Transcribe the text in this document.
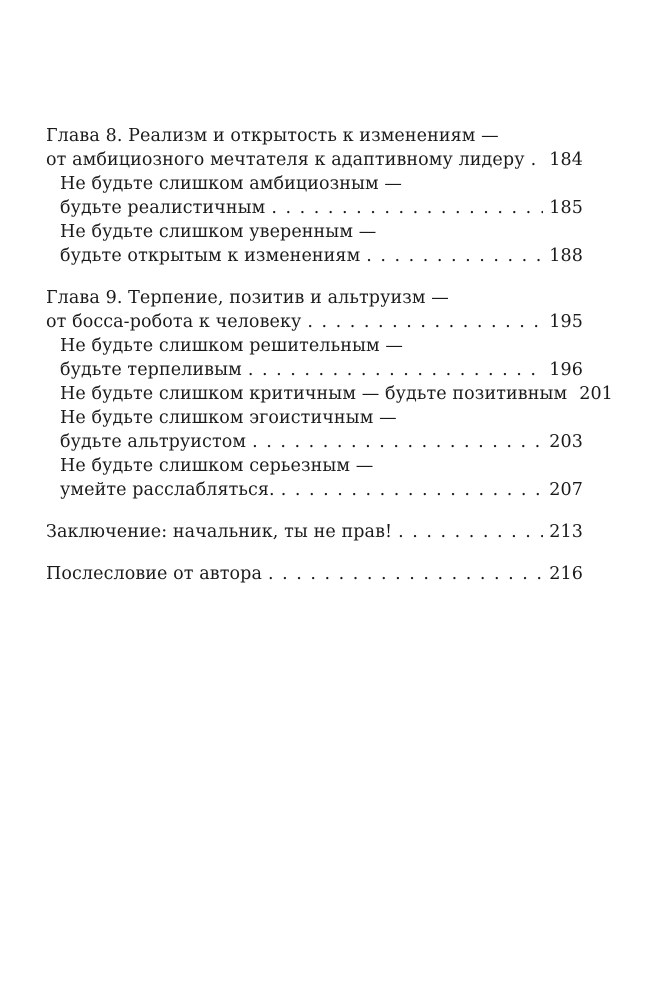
Глава 8. Реализм и открытость к изменениям —
от амбициозного мечтателя к адаптивному лидеру . . . 184
Не будьте слишком амбициозным —
будьте реалистичным . . .	185
Не будьте слишком уверенным —
будьте открытым к изменениям . . .	188
Глава 9. Терпение, позитив и альтруизм —
от босса-робота к человеку . . .	195
Не будьте слишком решительным —
будьте терпеливым . . .	196
Не будьте слишком критичным — будьте позитивным 201
Не будьте слишком эгоистичным —
будьте альтруистом . . .	203
Не будьте слишком серьезным —
умейте расслабляться. . . .	207
Заключение: начальник, ты не прав! . . .	213
Послесловие от автора . . .	216
